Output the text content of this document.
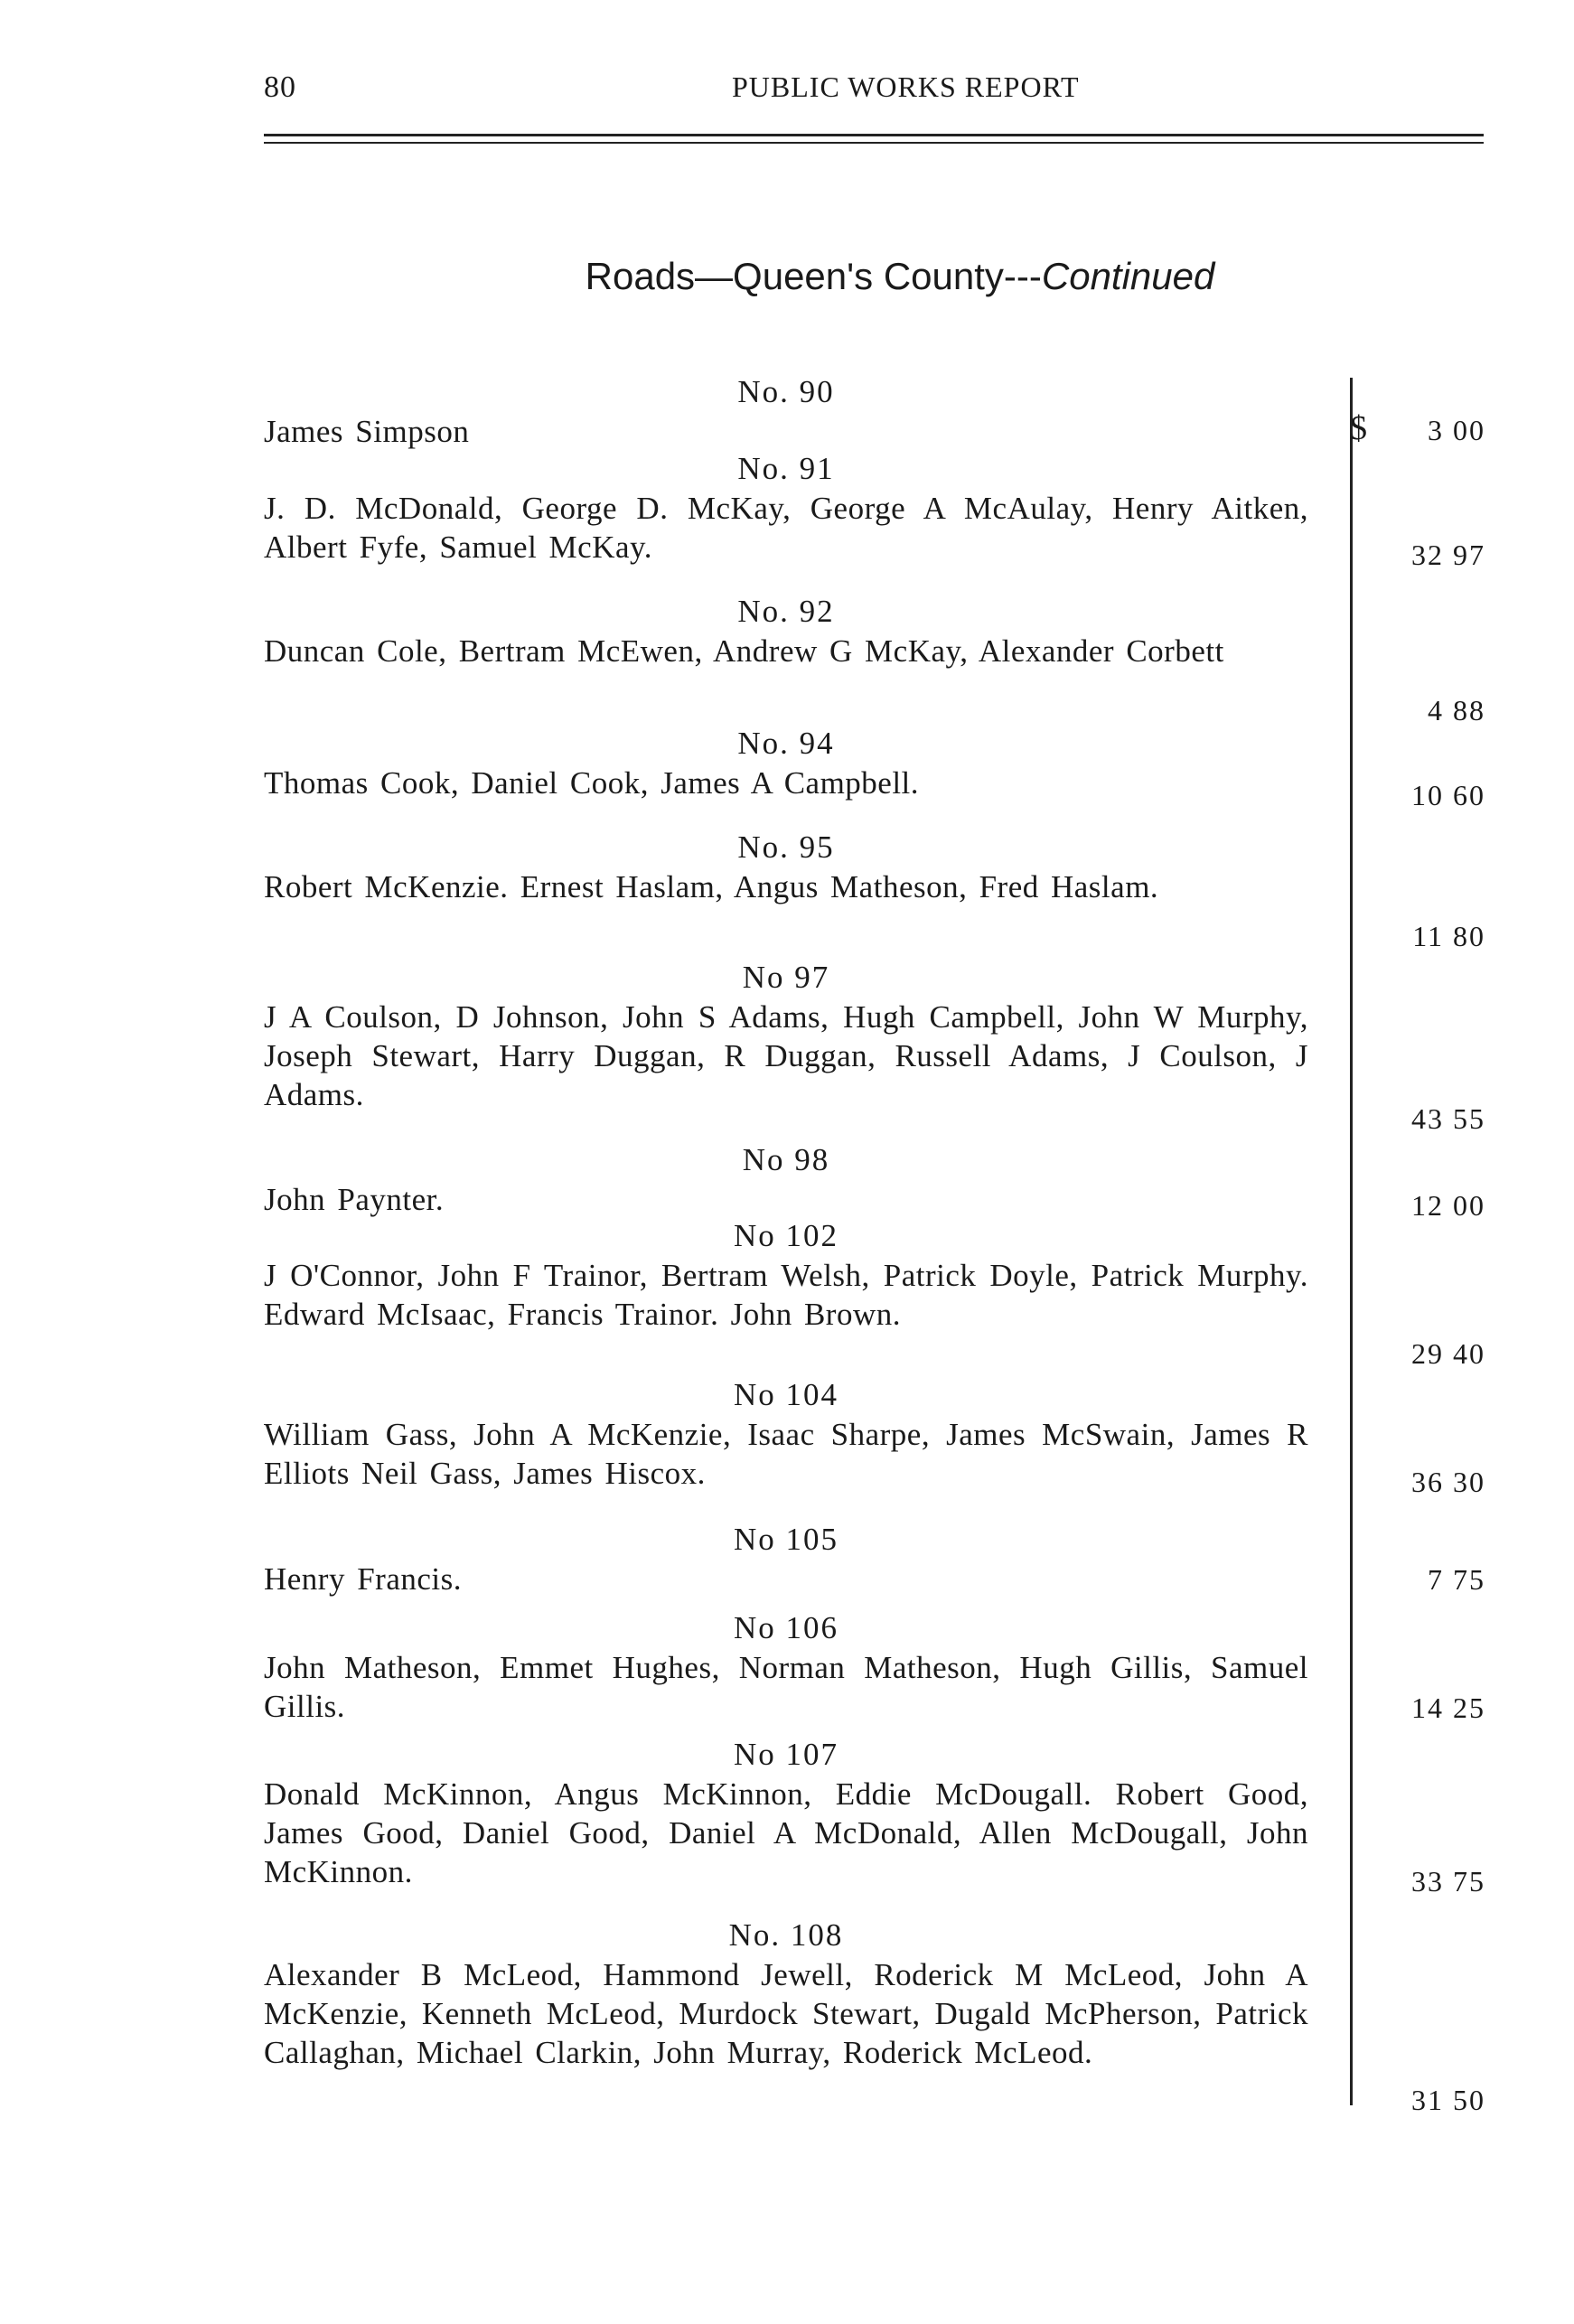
80	PUBLIC WORKS REPORT
Roads—Queen's County---Continued
$
No. 90
James Simpson
No. 91
J. D. McDonald, George D. McKay, George A McAulay, Henry Aitken, Albert Fyfe, Samuel McKay.
No. 92
Duncan Cole, Bertram McEwen, Andrew G McKay, Alexander Corbett
No. 94
Thomas Cook, Daniel Cook, James A Campbell.
No. 95
Robert McKenzie. Ernest Haslam, Angus Matheson, Fred Haslam.
No 97
J A Coulson, D Johnson, John S Adams, Hugh Campbell, John W Murphy, Joseph Stewart, Harry Duggan, R Duggan, Russell Adams, J Coulson, J Adams.
No 98
John Paynter.
No 102
J O'Connor, John F Trainor, Bertram Welsh, Patrick Doyle, Patrick Murphy. Edward McIsaac, Francis Trainor. John Brown.
No 104
William Gass, John A McKenzie, Isaac Sharpe, James McSwain, James R Elliots Neil Gass, James Hiscox.
No 105
Henry Francis.
No 106
John Matheson, Emmet Hughes, Norman Matheson, Hugh Gillis, Samuel Gillis.
No 107
Donald McKinnon, Angus McKinnon, Eddie McDougall. Robert Good, James Good, Daniel Good, Daniel A McDonald, Allen McDougall, John McKinnon.
No. 108
Alexander B McLeod, Hammond Jewell, Roderick M McLeod, John A McKenzie, Kenneth McLeod, Murdock Stewart, Dugald McPherson, Patrick Callaghan, Michael Clarkin, John Murray, Roderick McLeod.
3 00
32 97
4 88
10 60
11 80
43 55
12 00
29 40
36 30
7 75
14 25
33 75
31 50
